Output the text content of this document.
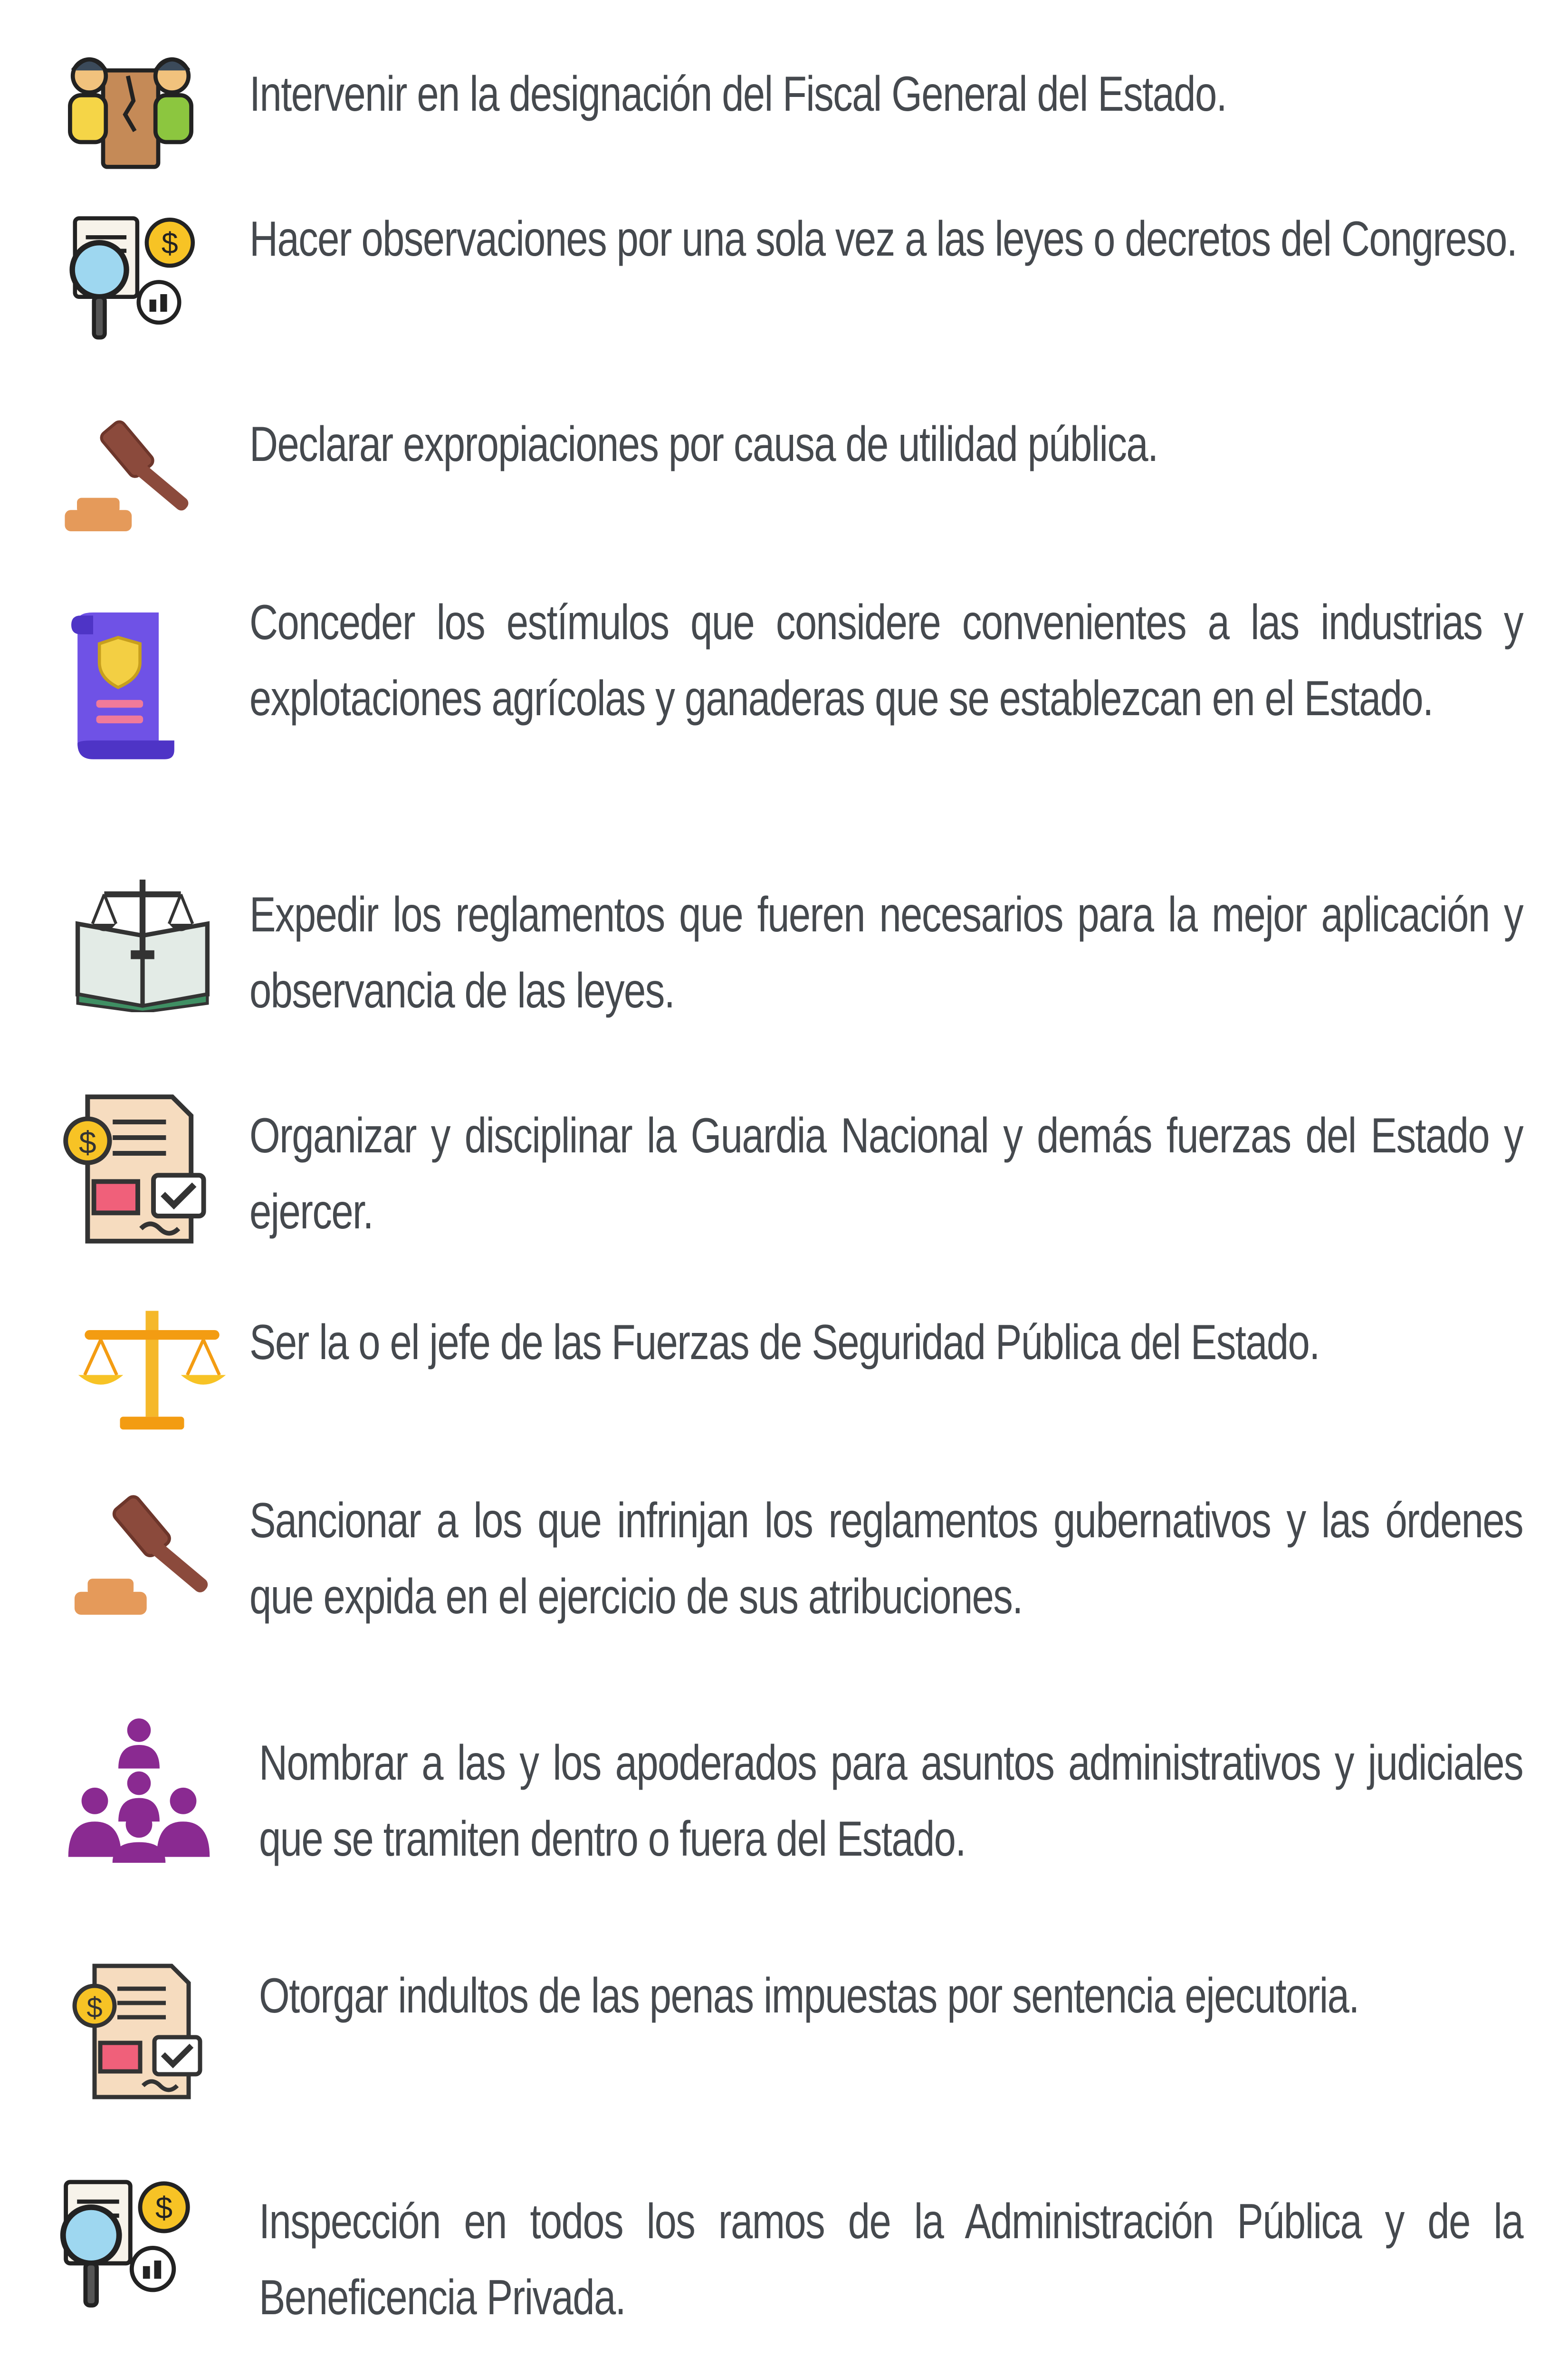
Intervenir en la designación del Fiscal General del Estado.

$ Hacer observaciones por una sola vez a las leyes o decretos del Congreso.

Declarar expropiaciones por causa de utilidad pública.

Conceder los estímulos que considere convenientes a las industrias y explotaciones agrícolas y ganaderas que se establezcan en el Estado.

Expedir los reglamentos que fueren necesarios para la mejor aplicación y observancia de las leyes.

$	Organizar y disciplinar la Guardia Nacional y demás fuerzas del Estado y ejercer.

Ser la o el jefe de las Fuerzas de Seguridad Pública del Estado.

Sancionar a los que infrinjan los reglamentos gubernativos y las órdenes que expida en el ejercicio de sus atribuciones.

Nombrar a las y los apoderados para asuntos administrativos y judiciales que se tramiten dentro o fuera del Estado.

$	Otorgar indultos de las penas impuestas por sentencia ejecutoria.

$ Inspección en todos los ramos de la Administración Pública y de la Beneficencia Privada.
